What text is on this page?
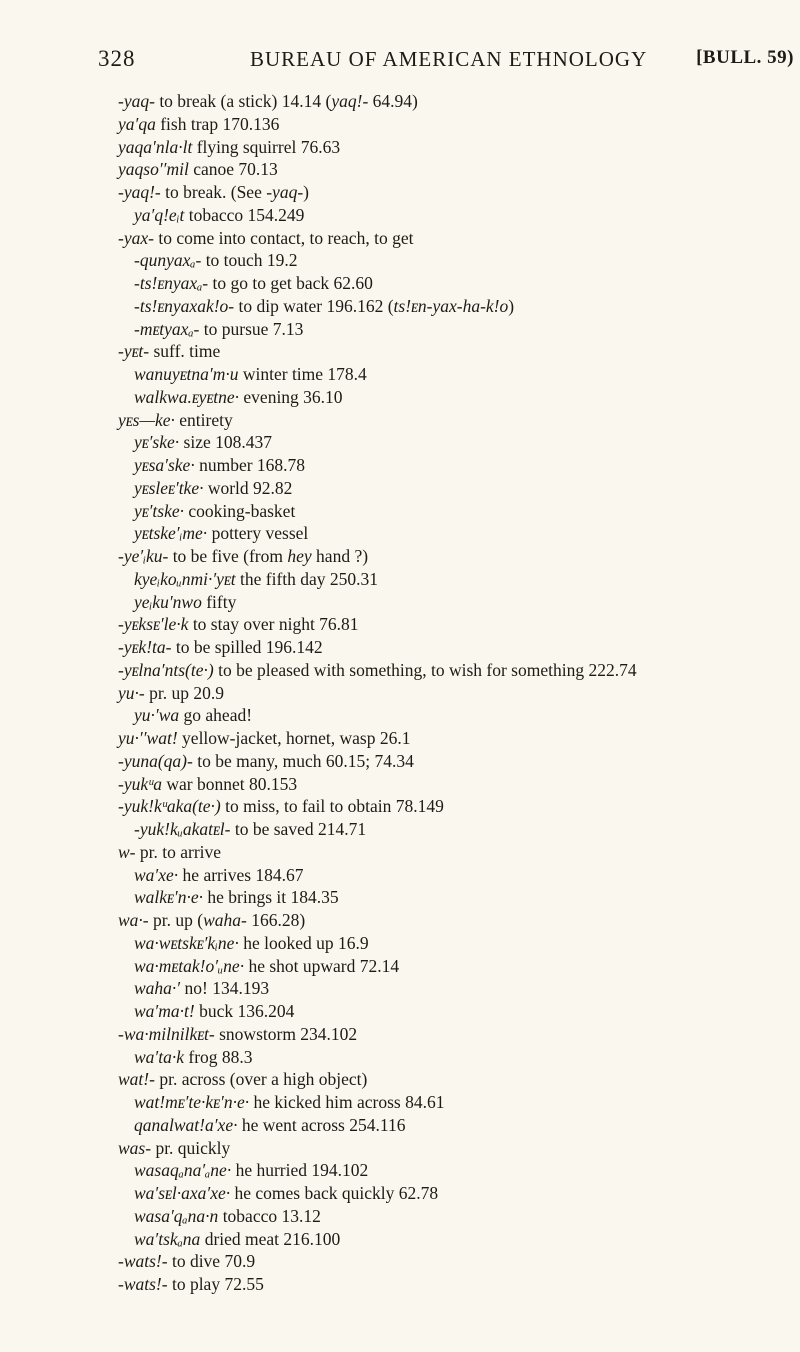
328	BUREAU OF AMERICAN ETHNOLOGY	[BULL. 59)
-yaq- to break (a stick) 14.14 (yaq!- 64.94)
ya′qa fish trap 170.136
yaqa′nla·lt flying squirrel 76.63
yaqso′′mil canoe 70.13
-yaq!- to break. (See -yaq-)
ya′q!eᵢt tobacco 154.249
-yax- to come into contact, to reach, to get
-qunyaxₐ- to touch 19.2
-ts!ᴇnyaxₐ- to go to get back 62.60
-ts!ᴇnyaxak!o- to dip water 196.162 (ts!ᴇn-yax-ha-k!o)
-mᴇtyaxₐ- to pursue 7.13
-yᴇt- suff. time
wanuyᴇtna′m·u winter time 178.4
walkwa.ᴇyᴇtne· evening 36.10
yᴇs—ke· entirety
yᴇ′ske· size 108.437
yᴇsa′ske· number 168.78
yᴇsleᴇ′tke· world 92.82
yᴇ′tske· cooking-basket
yᴇtske′ᵢme· pottery vessel
-ye′ᵢku- to be five (from hey hand ?)
kyeᵢkoᵤnmi·′yᴇt the fifth day 250.31
yeᵢku′nwo fifty
-yᴇksᴇ′le·k to stay over night 76.81
-yᴇk!ta- to be spilled 196.142
-yᴇlna′nts(te·) to be pleased with something, to wish for something 222.74
yu·- pr. up 20.9
yu·′wa go ahead!
yu·′′wat! yellow-jacket, hornet, wasp 26.1
-yuna(qa)- to be many, much 60.15; 74.34
-yukᵘa war bonnet 80.153
-yuk!kᵘaka(te·) to miss, to fail to obtain 78.149
-yuk!kᵤakatᴇl- to be saved 214.71
w- pr. to arrive
wa′xe· he arrives 184.67
walkᴇ′n·e· he brings it 184.35
wa·- pr. up (waha- 166.28)
wa·wᴇtskᴇ′kᵢne· he looked up 16.9
wa·mᴇtak!o′ᵤne· he shot upward 72.14
waha·′ no! 134.193
wa′ma·t! buck 136.204
-wa·milnilkᴇt- snowstorm 234.102
wa′ta·k frog 88.3
wat!- pr. across (over a high object)
wat!mᴇ′te·kᴇ′n·e· he kicked him across 84.61
qanalwat!a′xe· he went across 254.116
was- pr. quickly
wasaqₐna′ₐne· he hurried 194.102
wa′sᴇl·axa′xe· he comes back quickly 62.78
wasa′qₐna·n tobacco 13.12
wa′tskₐna dried meat 216.100
-wats!- to dive 70.9
-wats!- to play 72.55
